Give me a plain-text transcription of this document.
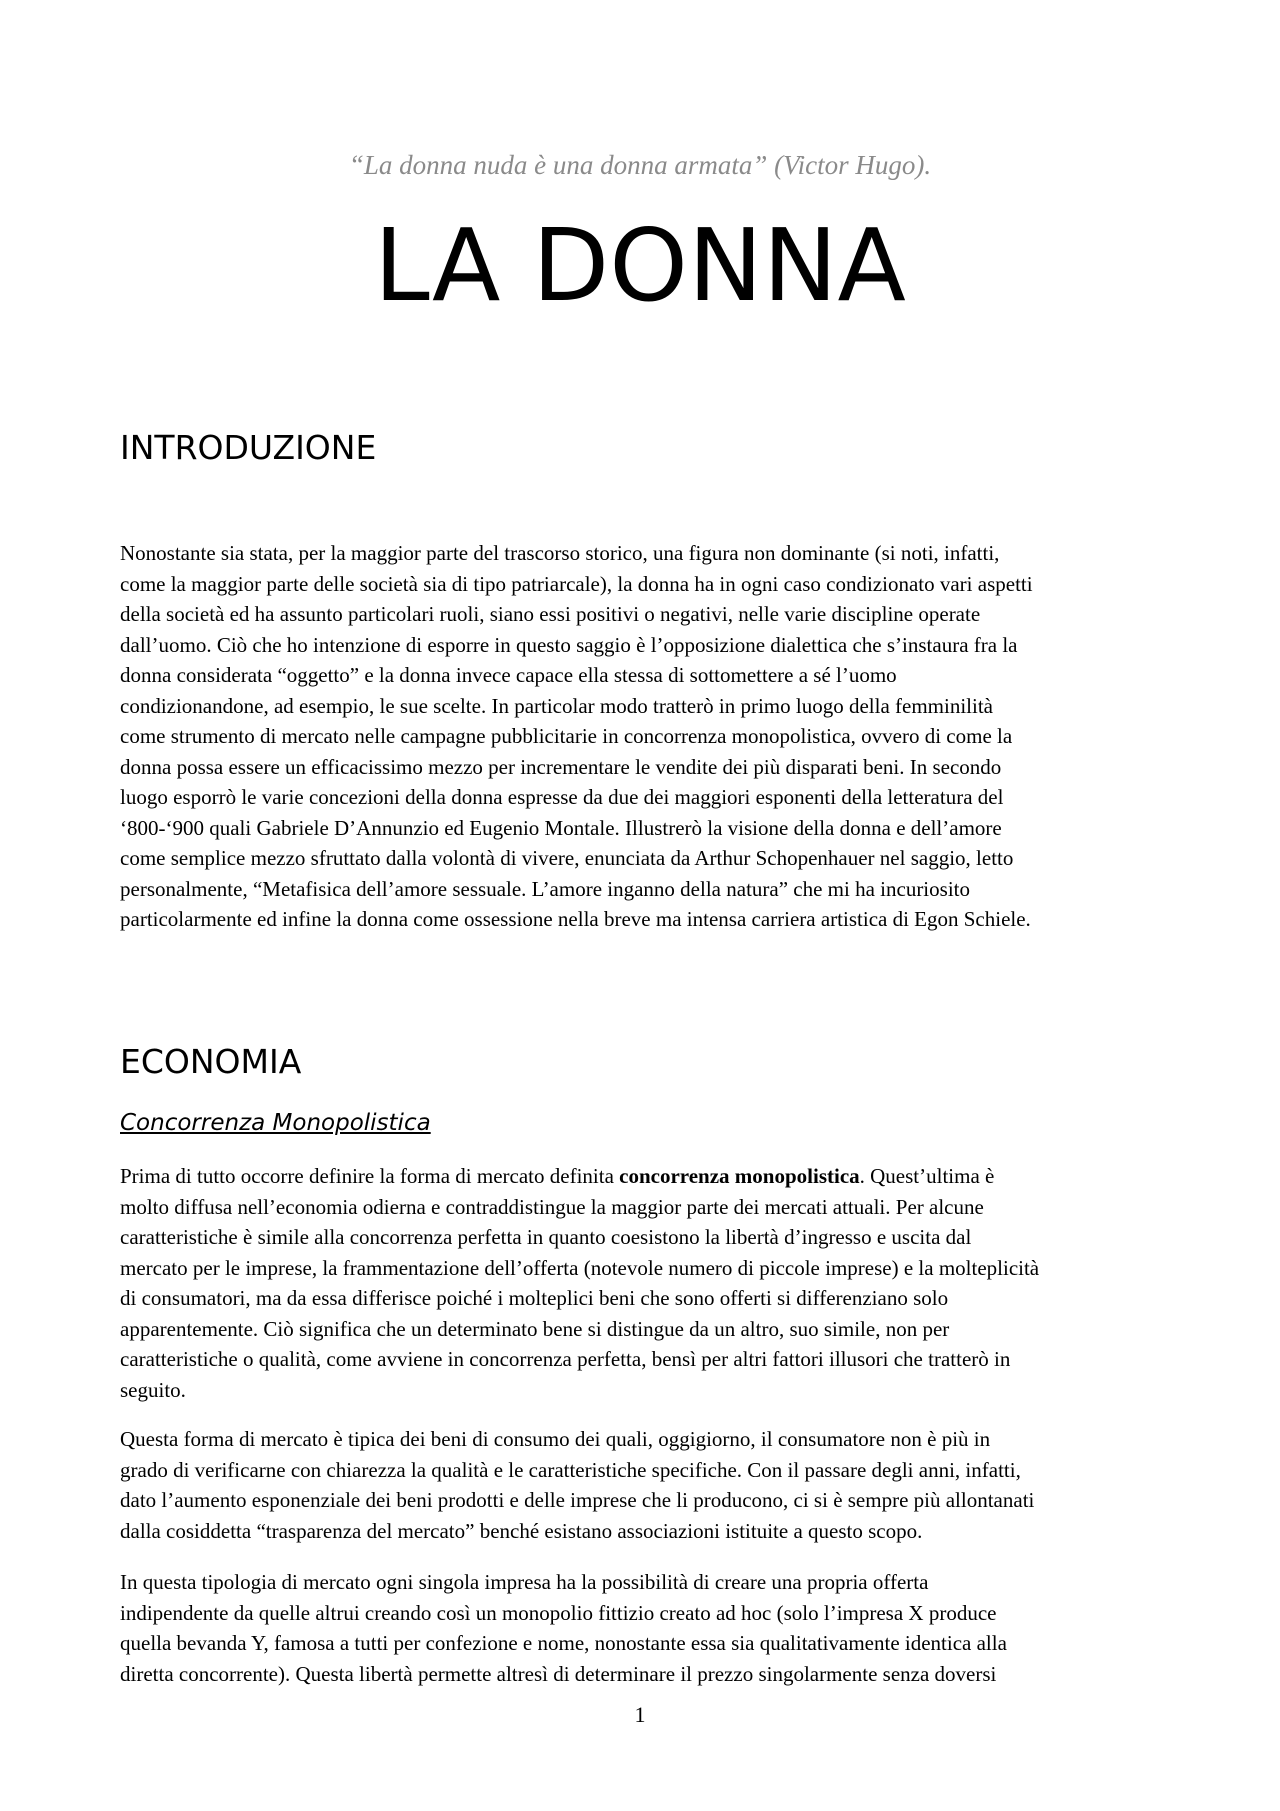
“La donna nuda è una donna armata” (Victor Hugo).
LA DONNA
INTRODUZIONE
Nonostante sia stata, per la maggior parte del trascorso storico, una figura non dominante (si noti, infatti,
come la maggior parte delle società sia di tipo patriarcale), la donna ha in ogni caso condizionato vari aspetti
della società ed ha assunto particolari ruoli, siano essi positivi o negativi, nelle varie discipline operate
dall’uomo. Ciò che ho intenzione di esporre in questo saggio è l’opposizione dialettica che s’instaura fra la
donna considerata “oggetto” e la donna invece capace ella stessa di sottomettere a sé l’uomo
condizionandone, ad esempio, le sue scelte. In particolar modo tratterò in primo luogo della femminilità
come strumento di mercato nelle campagne pubblicitarie in concorrenza monopolistica, ovvero di come la
donna possa essere un efficacissimo mezzo per incrementare le vendite dei più disparati beni. In secondo
luogo esporrò le varie concezioni della donna espresse da due dei maggiori esponenti della letteratura del
‘800-‘900 quali Gabriele D’Annunzio ed Eugenio Montale. Illustrerò la visione della donna e dell’amore
come semplice mezzo sfruttato dalla volontà di vivere, enunciata da Arthur Schopenhauer nel saggio, letto
personalmente, “Metafisica dell’amore sessuale. L’amore inganno della natura” che mi ha incuriosito
particolarmente ed infine la donna come ossessione nella breve ma intensa carriera artistica di Egon Schiele.
ECONOMIA
Concorrenza Monopolistica
Prima di tutto occorre definire la forma di mercato definita concorrenza monopolistica. Quest’ultima è
molto diffusa nell’economia odierna e contraddistingue la maggior parte dei mercati attuali. Per alcune
caratteristiche è simile alla concorrenza perfetta in quanto coesistono la libertà d’ingresso e uscita dal
mercato per le imprese, la frammentazione dell’offerta (notevole numero di piccole imprese) e la molteplicità
di consumatori, ma da essa differisce poiché i molteplici beni che sono offerti si differenziano solo
apparentemente. Ciò significa che un determinato bene si distingue da un altro, suo simile, non per
caratteristiche o qualità, come avviene in concorrenza perfetta, bensì per altri fattori illusori che tratterò in
seguito.
Questa forma di mercato è tipica dei beni di consumo dei quali, oggigiorno, il consumatore non è più in
grado di verificarne con chiarezza la qualità e le caratteristiche specifiche. Con il passare degli anni, infatti,
dato l’aumento esponenziale dei beni prodotti e delle imprese che li producono, ci si è sempre più allontanati
dalla cosiddetta “trasparenza del mercato” benché esistano associazioni istituite a questo scopo.
In questa tipologia di mercato ogni singola impresa ha la possibilità di creare una propria offerta
indipendente da quelle altrui creando così un monopolio fittizio creato ad hoc (solo l’impresa X produce
quella bevanda Y, famosa a tutti per confezione e nome, nonostante essa sia qualitativamente identica alla
diretta concorrente). Questa libertà permette altresì di determinare il prezzo singolarmente senza doversi
1
